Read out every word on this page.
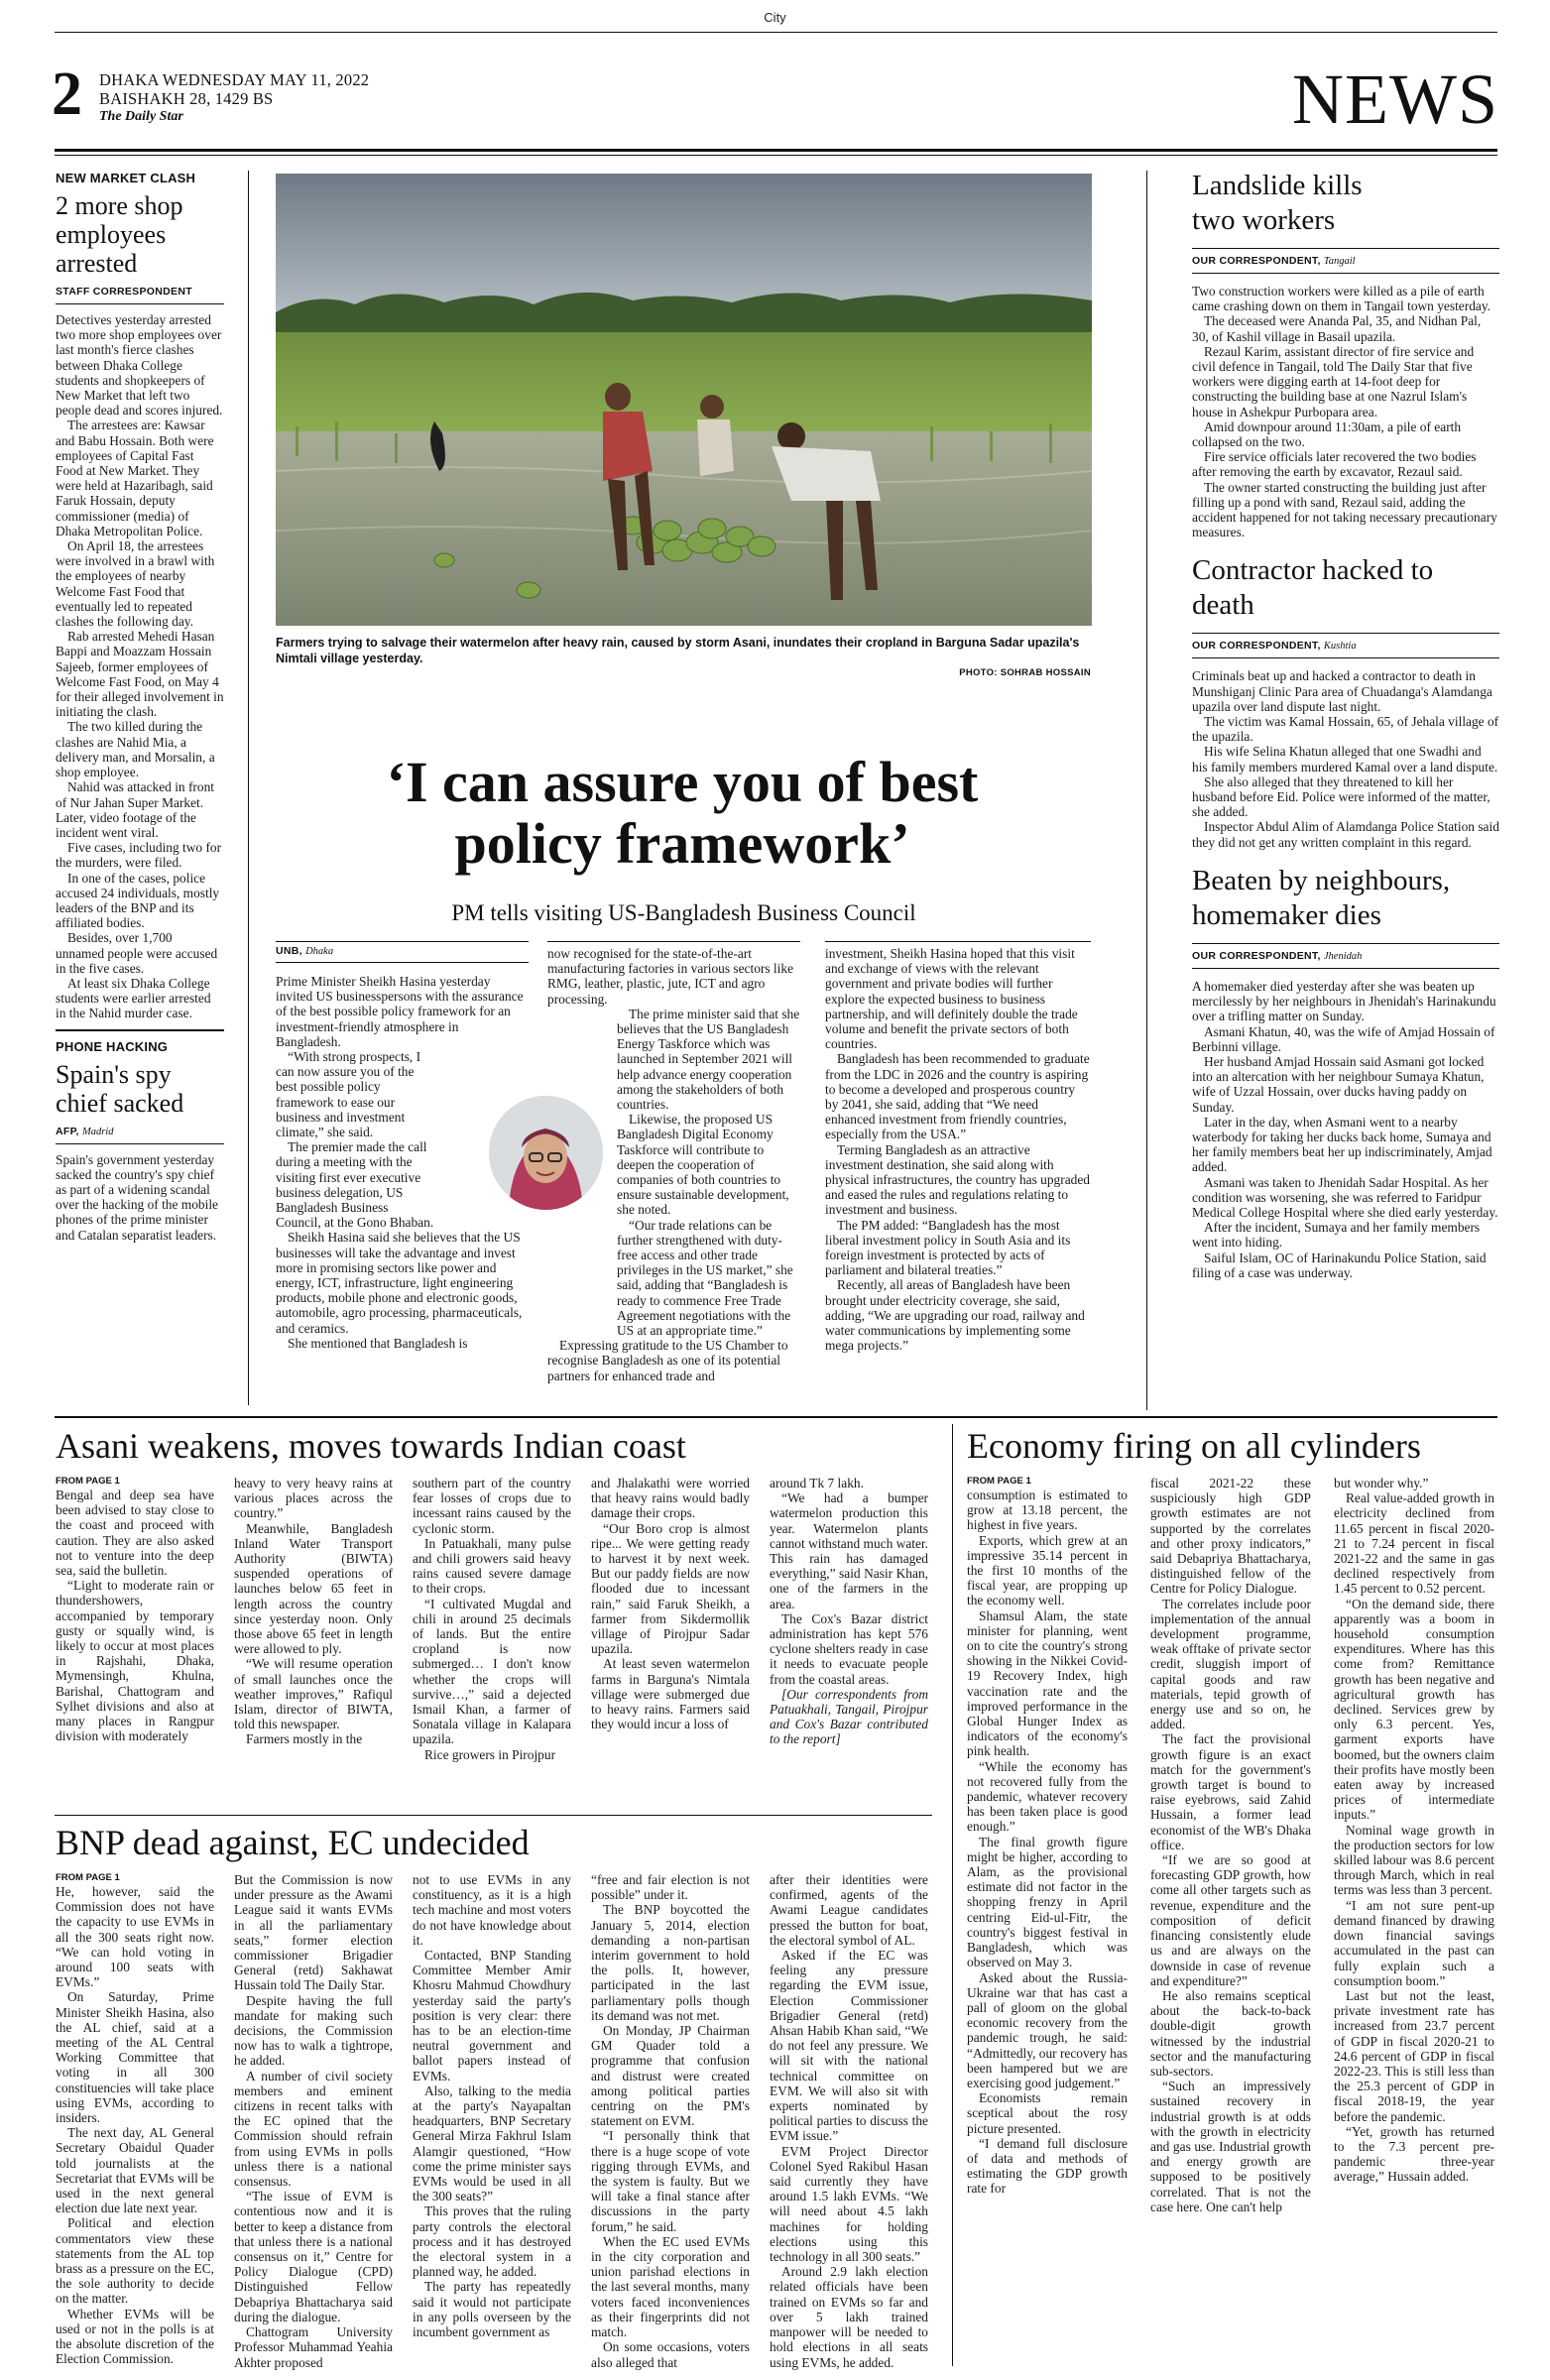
City
2 DHAKA WEDNESDAY MAY 11, 2022
BAISHAKH 28, 1429 BS
The Daily Star	NEWS
NEW MARKET CLASH
2 more shop employees arrested
STAFF CORRESPONDENT

Detectives yesterday arrested two more shop employees over last month's fierce clashes between Dhaka College students and shopkeepers of New Market that left two people dead and scores injured.

The arrestees are: Kawsar and Babu Hossain. Both were employees of Capital Fast Food at New Market. They were held at Hazaribagh, said Faruk Hossain, deputy commissioner (media) of Dhaka Metropolitan Police.

On April 18, the arrestees were involved in a brawl with the employees of nearby Welcome Fast Food that eventually led to repeated clashes the following day.

Rab arrested Mehedi Hasan Bappi and Moazzam Hossain Sajeeb, former employees of Welcome Fast Food, on May 4 for their alleged involvement in initiating the clash.

The two killed during the clashes are Nahid Mia, a delivery man, and Morsalin, a shop employee.

Nahid was attacked in front of Nur Jahan Super Market. Later, video footage of the incident went viral.

Five cases, including two for the murders, were filed.

In one of the cases, police accused 24 individuals, mostly leaders of the BNP and its affiliated bodies.

Besides, over 1,700 unnamed people were accused in the five cases.

At least six Dhaka College students were earlier arrested in the Nahid murder case.

PHONE HACKING
Spain's spy chief sacked
AFP, Madrid

Spain's government yesterday sacked the country's spy chief as part of a widening scandal over the hacking of the mobile phones of the prime minister and Catalan separatist leaders.

Farmers trying to salvage their watermelon after heavy rain, caused by storm Asani, inundates their cropland in Barguna Sadar upazila's Nimtali village yesterday.
PHOTO: SOHRAB HOSSAIN
‘I can assure you of best policy framework’
PM tells visiting US-Bangladesh Business Council
UNB, Dhaka

Prime Minister Sheikh Hasina yesterday invited US businesspersons with the assurance of the best possible policy framework for an investment-friendly atmosphere in Bangladesh.

“With strong prospects, I can now assure you of the best possible policy framework to ease our business and investment climate,” she said.

The premier made the call during a meeting with the visiting first ever executive business delegation, US Bangladesh Business Council, at the Gono Bhaban.

Sheikh Hasina said she believes that the US businesses will take the advantage and invest more in promising sectors like power and energy, ICT, infrastructure, light engineering products, mobile phone and electronic goods, automobile, agro processing, pharmaceuticals, and ceramics.

She mentioned that Bangladesh is

now recognised for the state-of-the-art manufacturing factories in various sectors like RMG, leather, plastic, jute, ICT and agro processing.

The prime minister said that she believes that the US Bangladesh Energy Taskforce which was launched in September 2021 will help advance energy cooperation among the stakeholders of both countries.

Likewise, the proposed US Bangladesh Digital Economy Taskforce will contribute to deepen the cooperation of companies of both countries to ensure sustainable development, she noted.

“Our trade relations can be further strengthened with duty-free access and other trade privileges in the US market,” she said, adding that “Bangladesh is ready to commence Free Trade Agreement negotiations with the US at an appropriate time.”

Expressing gratitude to the US Chamber to recognise Bangladesh as one of its potential partners for enhanced trade and

investment, Sheikh Hasina hoped that this visit and exchange of views with the relevant government and private bodies will further explore the expected business to business partnership, and will definitely double the trade volume and benefit the private sectors of both countries.

Bangladesh has been recommended to graduate from the LDC in 2026 and the country is aspiring to become a developed and prosperous country by 2041, she said, adding that “We need enhanced investment from friendly countries, especially from the USA.”

Terming Bangladesh as an attractive investment destination, she said along with physical infrastructures, the country has upgraded and eased the rules and regulations relating to investment and business.

The PM added: “Bangladesh has the most liberal investment policy in South Asia and its foreign investment is protected by acts of parliament and bilateral treaties.”

Recently, all areas of Bangladesh have been brought under electricity coverage, she said, adding, “We are upgrading our road, railway and water communications by implementing some mega projects.”

Landslide kills two workers
OUR CORRESPONDENT, Tangail

Two construction workers were killed as a pile of earth came crashing down on them in Tangail town yesterday.

The deceased were Ananda Pal, 35, and Nidhan Pal, 30, of Kashil village in Basail upazila.

Rezaul Karim, assistant director of fire service and civil defence in Tangail, told The Daily Star that five workers were digging earth at 14-foot deep for constructing the building base at one Nazrul Islam's house in Ashekpur Purbopara area.

Amid downpour around 11:30am, a pile of earth collapsed on the two.

Fire service officials later recovered the two bodies after removing the earth by excavator, Rezaul said.

The owner started constructing the building just after filling up a pond with sand, Rezaul said, adding the accident happened for not taking necessary precautionary measures.

Contractor hacked to death
OUR CORRESPONDENT, Kushtia

Criminals beat up and hacked a contractor to death in Munshiganj Clinic Para area of Chuadanga's Alamdanga upazila over land dispute last night.

The victim was Kamal Hossain, 65, of Jehala village of the upazila.

His wife Selina Khatun alleged that one Swadhi and his family members murdered Kamal over a land dispute.

She also alleged that they threatened to kill her husband before Eid. Police were informed of the matter, she added.

Inspector Abdul Alim of Alamdanga Police Station said they did not get any written complaint in this regard.

Beaten by neighbours, homemaker dies
OUR CORRESPONDENT, Jhenidah

A homemaker died yesterday after she was beaten up mercilessly by her neighbours in Jhenidah's Harinakundu over a trifling matter on Sunday.

Asmani Khatun, 40, was the wife of Amjad Hossain of Berbinni village.

Her husband Amjad Hossain said Asmani got locked into an altercation with her neighbour Sumaya Khatun, wife of Uzzal Hossain, over ducks having paddy on Sunday.

Later in the day, when Asmani went to a nearby waterbody for taking her ducks back home, Sumaya and her family members beat her up indiscriminately, Amjad added.

Asmani was taken to Jhenidah Sadar Hospital. As her condition was worsening, she was referred to Faridpur Medical College Hospital where she died early yesterday.

After the incident, Sumaya and her family members went into hiding.

Saiful Islam, OC of Harinakundu Police Station, said filing of a case was underway.

Asani weakens, moves towards Indian coast
FROM PAGE 1

Bengal and deep sea have been advised to stay close to the coast and proceed with caution. They are also asked not to venture into the deep sea, said the bulletin.

“Light to moderate rain or thundershowers, accompanied by temporary gusty or squally wind, is likely to occur at most places in Rajshahi, Dhaka, Mymensingh, Khulna, Barishal, Chattogram and Sylhet divisions and also at many places in Rangpur division with moderately

heavy to very heavy rains at various places across the country.”

Meanwhile, Bangladesh Inland Water Transport Authority (BIWTA) suspended operations of launches below 65 feet in length across the country since yesterday noon. Only those above 65 feet in length were allowed to ply.

“We will resume operation of small launches once the weather improves,” Rafiqul Islam, director of BIWTA, told this newspaper.

Farmers mostly in the

southern part of the country fear losses of crops due to incessant rains caused by the cyclonic storm.

In Patuakhali, many pulse and chili growers said heavy rains caused severe damage to their crops.

“I cultivated Mugdal and chili in around 25 decimals of lands. But the entire cropland is now submerged… I don't know whether the crops will survive…,” said a dejected Ismail Khan, a farmer of Sonatala village in Kalapara upazila.

Rice growers in Pirojpur

and Jhalakathi were worried that heavy rains would badly damage their crops.

“Our Boro crop is almost ripe... We were getting ready to harvest it by next week. But our paddy fields are now flooded due to incessant rain,” said Faruk Sheikh, a farmer from Sikdermollik village of Pirojpur Sadar upazila.

At least seven watermelon farms in Barguna's Nimtala village were submerged due to heavy rains. Farmers said they would incur a loss of

around Tk 7 lakh.

“We had a bumper watermelon production this year. Watermelon plants cannot withstand much water. This rain has damaged everything,” said Nasir Khan, one of the farmers in the area.

The Cox's Bazar district administration has kept 576 cyclone shelters ready in case it needs to evacuate people from the coastal areas.

[Our correspondents from Patuakhali, Tangail, Pirojpur and Cox's Bazar contributed to the report]

BNP dead against, EC undecided
FROM PAGE 1

He, however, said the Commission does not have the capacity to use EVMs in all the 300 seats right now. “We can hold voting in around 100 seats with EVMs.”

On Saturday, Prime Minister Sheikh Hasina, also the AL chief, said at a meeting of the AL Central Working Committee that voting in all 300 constituencies will take place using EVMs, according to insiders.

The next day, AL General Secretary Obaidul Quader told journalists at the Secretariat that EVMs will be used in the next general election due late next year.

Political and election commentators view these statements from the AL top brass as a pressure on the EC, the sole authority to decide on the matter.

Whether EVMs will be used or not in the polls is at the absolute discretion of the Election Commission.

But the Commission is now under pressure as the Awami League said it wants EVMs in all the parliamentary seats,” former election commissioner Brigadier General (retd) Sakhawat Hussain told The Daily Star.

Despite having the full mandate for making such decisions, the Commission now has to walk a tightrope, he added.

A number of civil society members and eminent citizens in recent talks with the EC opined that the Commission should refrain from using EVMs in polls unless there is a national consensus.

“The issue of EVM is contentious now and it is better to keep a distance from that unless there is a national consensus on it,” Centre for Policy Dialogue (CPD) Distinguished Fellow Debapriya Bhattacharya said during the dialogue.

Chattogram University Professor Muhammad Yeahia Akhter proposed

not to use EVMs in any constituency, as it is a high tech machine and most voters do not have knowledge about it.

Contacted, BNP Standing Committee Member Amir Khosru Mahmud Chowdhury yesterday said the party's position is very clear: there has to be an election-time neutral government and ballot papers instead of EVMs.

Also, talking to the media at the party's Nayapaltan headquarters, BNP Secretary General Mirza Fakhrul Islam Alamgir questioned, “How come the prime minister says EVMs would be used in all the 300 seats?”

This proves that the ruling party controls the electoral process and it has destroyed the electoral system in a planned way, he added.

The party has repeatedly said it would not participate in any polls overseen by the incumbent government as

“free and fair election is not possible” under it.

The BNP boycotted the January 5, 2014, election demanding a non-partisan interim government to hold the polls. It, however, participated in the last parliamentary polls though its demand was not met.

On Monday, JP Chairman GM Quader told a programme that confusion and distrust were created among political parties centring on the PM's statement on EVM.

“I personally think that there is a huge scope of vote rigging through EVMs, and the system is faulty. But we will take a final stance after discussions in the party forum,” he said.

When the EC used EVMs in the city corporation and union parishad elections in the last several months, many voters faced inconveniences as their fingerprints did not match.

On some occasions, voters also alleged that

after their identities were confirmed, agents of the Awami League candidates pressed the button for boat, the electoral symbol of AL.

Asked if the EC was feeling any pressure regarding the EVM issue, Election Commissioner Brigadier General (retd) Ahsan Habib Khan said, “We do not feel any pressure. We will sit with the national technical committee on EVM. We will also sit with experts nominated by political parties to discuss the EVM issue.”

EVM Project Director Colonel Syed Rakibul Hasan said currently they have around 1.5 lakh EVMs. “We will need about 4.5 lakh machines for holding elections using this technology in all 300 seats.”

Around 2.9 lakh election related officials have been trained on EVMs so far and over 5 lakh trained manpower will be needed to hold elections in all seats using EVMs, he added.

Economy firing on all cylinders
FROM PAGE 1

consumption is estimated to grow at 13.18 percent, the highest in five years.

Exports, which grew at an impressive 35.14 percent in the first 10 months of the fiscal year, are propping up the economy well.

Shamsul Alam, the state minister for planning, went on to cite the country's strong showing in the Nikkei Covid-19 Recovery Index, high vaccination rate and the improved performance in the Global Hunger Index as indicators of the economy's pink health.

“While the economy has not recovered fully from the pandemic, whatever recovery has been taken place is good enough.”

The final growth figure might be higher, according to Alam, as the provisional estimate did not factor in the shopping frenzy in April centring Eid-ul-Fitr, the country's biggest festival in Bangladesh, which was observed on May 3.

Asked about the Russia-Ukraine war that has cast a pall of gloom on the global economic recovery from the pandemic trough, he said: “Admittedly, our recovery has been hampered but we are exercising good judgement.”

Economists remain sceptical about the rosy picture presented.

“I demand full disclosure of data and methods of estimating the GDP growth rate for

fiscal 2021-22 these suspiciously high GDP growth estimates are not supported by the correlates and other proxy indicators,” said Debapriya Bhattacharya, distinguished fellow of the Centre for Policy Dialogue.

The correlates include poor implementation of the annual development programme, weak offtake of private sector credit, sluggish import of capital goods and raw materials, tepid growth of energy use and so on, he added.

The fact the provisional growth figure is an exact match for the government's growth target is bound to raise eyebrows, said Zahid Hussain, a former lead economist of the WB's Dhaka office.

“If we are so good at forecasting GDP growth, how come all other targets such as revenue, expenditure and the composition of deficit financing consistently elude us and are always on the downside in case of revenue and expenditure?”

He also remains sceptical about the back-to-back double-digit growth witnessed by the industrial sector and the manufacturing sub-sectors.

“Such an impressively sustained recovery in industrial growth is at odds with the growth in electricity and gas use. Industrial growth and energy growth are supposed to be positively correlated. That is not the case here. One can't help

but wonder why.”

Real value-added growth in electricity declined from 11.65 percent in fiscal 2020-21 to 7.24 percent in fiscal 2021-22 and the same in gas declined respectively from 1.45 percent to 0.52 percent.

“On the demand side, there apparently was a boom in household consumption expenditures. Where has this come from? Remittance growth has been negative and agricultural growth has declined. Services grew by only 6.3 percent. Yes, garment exports have boomed, but the owners claim their profits have mostly been eaten away by increased prices of intermediate inputs.”

Nominal wage growth in the production sectors for low skilled labour was 8.6 percent through March, which in real terms was less than 3 percent.

“I am not sure pent-up demand financed by drawing down financial savings accumulated in the past can fully explain such a consumption boom.”

Last but not the least, private investment rate has increased from 23.7 percent of GDP in fiscal 2020-21 to 24.6 percent of GDP in fiscal 2022-23. This is still less than the 25.3 percent of GDP in fiscal 2018-19, the year before the pandemic.

“Yet, growth has returned to the 7.3 percent pre-pandemic three-year average,” Hussain added.
